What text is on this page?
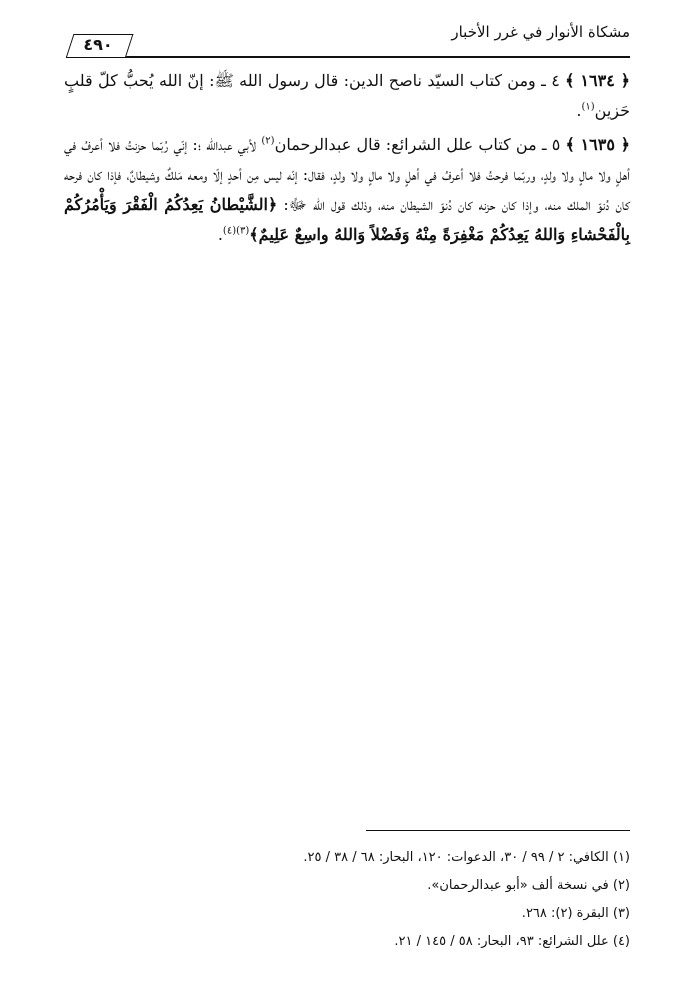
مشكاة الأنوار في غرر الأخبار
٤٩٠

﴿ ١٦٣٤ ﴾ ٤ ـ ومن كتاب السيّد ناصح الدين: قال رسول الله ﷺ: إنّ الله يُحبُّ كلّ قلبٍ حَزين$^{(١)}$.

﴿ ١٦٣٥ ﴾ ٥ ـ من كتاب علل الشرائع: قال عبدالرحمان$^{(٢)}$ لأبي عبدالله ؛: إنّي رُبّما حزنتُ فلا أعرفُ في أهلٍ ولا مالٍ ولا ولدٍ، وربّما فرحتُ فلا أعرفُ في أهلٍ ولا مالٍ ولا ولدٍ، فقال: إنّه ليس مِن أحدٍ إلّا ومعه مَلكٌ وشيطانٌ، فإذا كان فرحه كان دُنوّ الملك منه، وإذا كان حزنه كان دُنوّ الشيطان منه، وذلك قول الله ﷻ: ﴿الشَّيْطانُ يَعِدُكُمُ الْفَقْرَ وَيَأْمُرُكُمْ بِالْفَحْشاءِ وَاللهُ يَعِدُكُمْ مَغْفِرَةً مِنْهُ وَفَضْلاً وَاللهُ واسِعٌ عَلِيمٌ﴾$^{(٣)(٤)}$.

(١) الكافي: ٢ / ٩٩ / ٣٠، الدعوات: ١٢٠، البحار: ٦٨ / ٣٨ / ٢٥.

(٢) في نسخة ألف «أبو عبدالرحمان».

(٣) البقرة (٢): ٢٦٨.

(٤) علل الشرائع: ٩٣، البحار: ٥٨ / ١٤٥ / ٢١.
